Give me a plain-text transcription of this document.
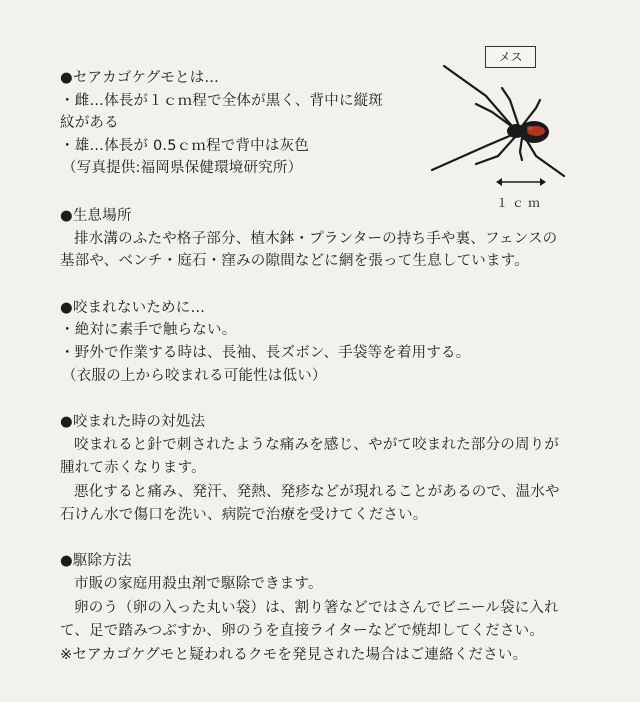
●セアカゴケグモとは…
・雌…体長が１ｃｍ程で全体が黒く、背中に縦斑
紋がある
・雄…体長が 0.5ｃｍ程で背中は灰色
（写真提供:福岡県保健環境研究所）
メス
１ｃｍ
●生息場所
排水溝のふたや格子部分、植木鉢・プランターの持ち手や裏、フェンスの
基部や、ベンチ・庭石・窪みの隙間などに網を張って生息しています。
●咬まれないために…
・絶対に素手で触らない。
・野外で作業する時は、長袖、長ズボン、手袋等を着用する。
（衣服の上から咬まれる可能性は低い）
●咬まれた時の対処法
咬まれると針で刺されたような痛みを感じ、やがて咬まれた部分の周りが
腫れて赤くなります。
悪化すると痛み、発汗、発熱、発疹などが現れることがあるので、温水や
石けん水で傷口を洗い、病院で治療を受けてください。
●駆除方法
市販の家庭用殺虫剤で駆除できます。
卵のう（卵の入った丸い袋）は、割り箸などではさんでビニール袋に入れ
て、足で踏みつぶすか、卵のうを直接ライターなどで焼却してください。
※セアカゴケグモと疑われるクモを発見された場合はご連絡ください。
